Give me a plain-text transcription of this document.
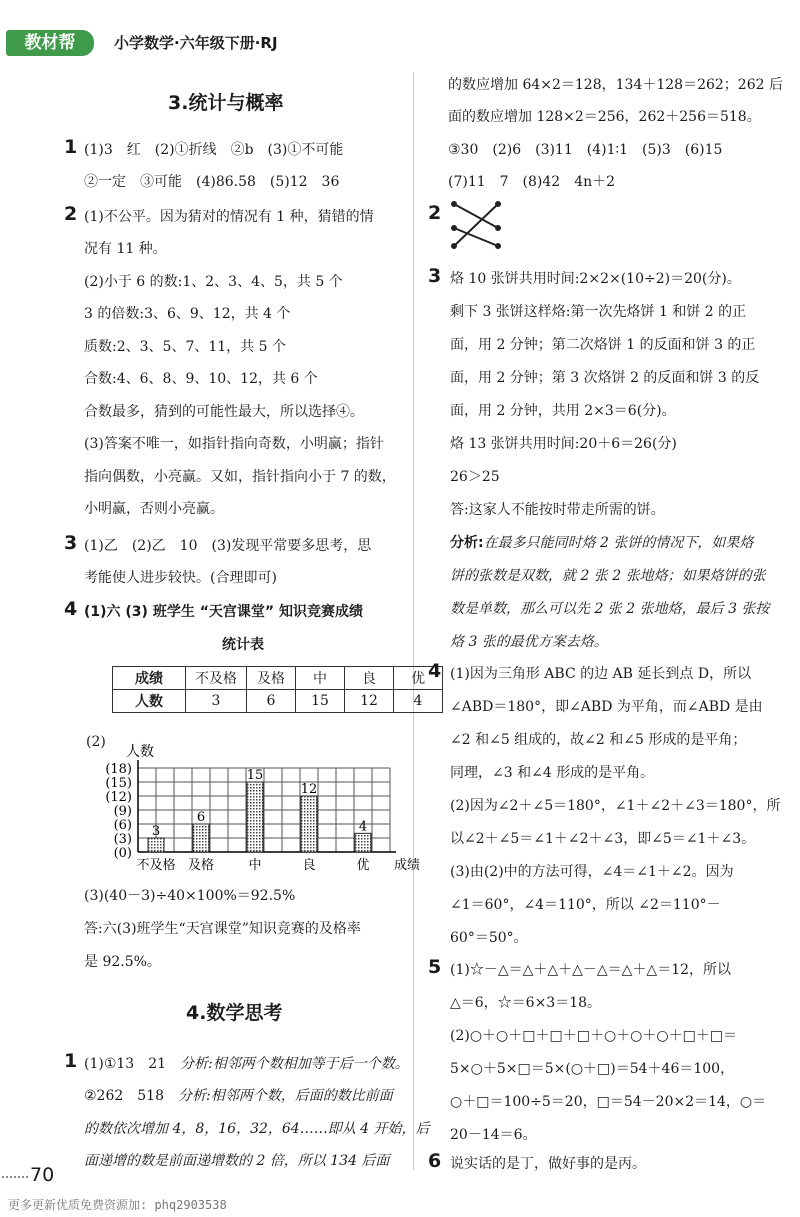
教材帮	小学数学·六年级下册·RJ
3.统计与概率
1 (1)3　红　(2)①折线　②b　(3)①不可能
②一定　③可能　(4)86.58　(5)12　36
2 (1)不公平。因为猜对的情况有 1 种，猜错的情
况有 11 种。
(2)小于 6 的数:1、2、3、4、5，共 5 个
3 的倍数:3、6、9、12，共 4 个
质数:2、3、5、7、11，共 5 个
合数:4、6、8、9、10、12，共 6 个
合数最多，猜到的可能性最大，所以选择④。
(3)答案不唯一，如指针指向奇数，小明赢；指针
指向偶数，小亮赢。又如，指针指向小于 7 的数，
小明赢，否则小亮赢。
3 (1)乙　(2)乙　10　(3)发现平常要多思考，思
考能使人进步较快。(合理即可)
4 (1)六 (3) 班学生 “天宫课堂” 知识竞赛成绩
统计表
成绩	不及格	及格	中	良	优
人数	3	6	15	12	4
(2)
(0)
(3)
(6)
(9)
(12)
(15)
(18)
人数
成绩
3
不及格
6
及格
15
中
12
良
4
优
(3)(40－3)÷40×100%＝92.5%
答:六(3)班学生“天宫课堂”知识竞赛的及格率
是 92.5%。
4.数学思考
1 (1)①13　21　分析:相邻两个数相加等于后一个数。
②262　518　分析:相邻两个数，后面的数比前面
的数依次增加 4，8，16，32，64……即从 4 开始，后
面递增的数是前面递增数的 2 倍，所以 134 后面
的数应增加 64×2＝128，134＋128＝262；262 后
面的数应增加 128×2＝256，262＋256＝518。
③30　(2)6　(3)11　(4)1∶1　(5)3　(6)15
(7)11　7　(8)42　4n＋2
2
3 烙 10 张饼共用时间:2×2×(10÷2)＝20(分)。
剩下 3 张饼这样烙:第一次先烙饼 1 和饼 2 的正
面，用 2 分钟；第二次烙饼 1 的反面和饼 3 的正
面，用 2 分钟；第 3 次烙饼 2 的反面和饼 3 的反
面，用 2 分钟，共用 2×3＝6(分)。
烙 13 张饼共用时间:20＋6＝26(分)
26＞25
答:这家人不能按时带走所需的饼。
分析:在最多只能同时烙 2 张饼的情况下，如果烙
饼的张数是双数，就 2 张 2 张地烙；如果烙饼的张
数是单数，那么可以先 2 张 2 张地烙，最后 3 张按
烙 3 张的最优方案去烙。
4 (1)因为三角形 ABC 的边 AB 延长到点 D，所以
∠ABD＝180°，即∠ABD 为平角，而∠ABD 是由
∠2 和∠5 组成的，故∠2 和∠5 形成的是平角；
同理，∠3 和∠4 形成的是平角。
(2)因为∠2＋∠5＝180°，∠1＋∠2＋∠3＝180°，所
以∠2＋∠5＝∠1＋∠2＋∠3，即∠5＝∠1＋∠3。
(3)由(2)中的方法可得，∠4＝∠1＋∠2。因为
∠1＝60°，∠4＝110°，所以 ∠2＝110°－
60°＝50°。
5 (1)☆－△＝△＋△＋△－△＝△＋△＝12，所以
△＝6，☆＝6×3＝18。
(2)○＋○＋□＋□＋□＋○＋○＋○＋□＋□＝
5×○＋5×□＝5×(○＋□)＝54＋46＝100，
○＋□＝100÷5＝20，□＝54－20×2＝14，○＝
20－14＝6。
6 说实话的是丁，做好事的是丙。
70
更多更新优质免费资源加: phq2903538
